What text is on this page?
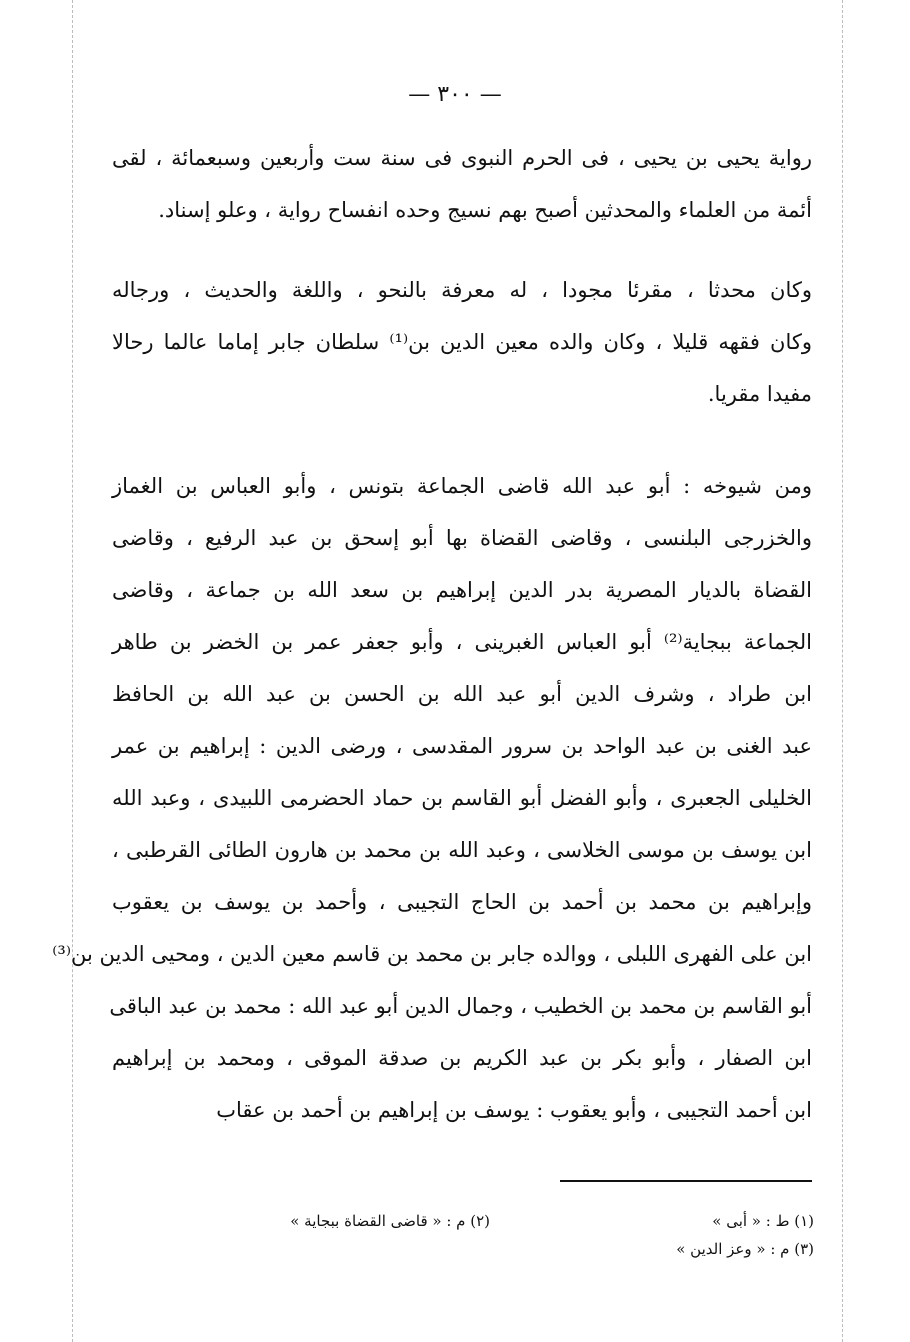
— ٣٠٠ —
رواية يحيى بن يحيى ، فى الحرم النبوى فى سنة ست وأربعين وسبعمائة ، لقى
أئمة من العلماء والمحدثين أصبح بهم نسيج وحده انفساح رواية ، وعلو إسناد.
وكان محدثا ، مقرئا مجودا ، له معرفة بالنحو ، واللغة والحديث ، ورجاله
وكان فقهه قليلا ، وكان والده معين الدين بن⁽¹⁾ سلطان جابر إماما عالما رحالا
مفيدا مقريا.
ومن شيوخه : أبو عبد الله قاضى الجماعة بتونس ، وأبو العباس بن الغماز
والخزرجى البلنسى ، وقاضى القضاة بها أبو إسحق بن عبد الرفيع ، وقاضى
القضاة بالديار المصرية بدر الدين إبراهيم بن سعد الله بن جماعة ، وقاضى
الجماعة ببجاية⁽²⁾ أبو العباس الغبرينى ، وأبو جعفر عمر بن الخضر بن طاهر
ابن طراد ، وشرف الدين أبو عبد الله بن الحسن بن عبد الله بن الحافظ
عبد الغنى بن عبد الواحد بن سرور المقدسى ، ورضى الدين : إبراهيم بن عمر
الخليلى الجعبرى ، وأبو الفضل أبو القاسم بن حماد الحضرمى اللبيدى ، وعبد الله
ابن يوسف بن موسى الخلاسى ، وعبد الله بن محمد بن هارون الطائى القرطبى ،
وإبراهيم بن محمد بن أحمد بن الحاج التجيبى ، وأحمد بن يوسف بن يعقوب
ابن على الفهرى اللبلى ، ووالده جابر بن محمد بن قاسم معين الدين ، ومحيى الدين بن⁽³⁾
أبو القاسم بن محمد بن الخطيب ، وجمال الدين أبو عبد الله : محمد بن عبد الباقى
ابن الصفار ، وأبو بكر بن عبد الكريم بن صدقة الموقى ، ومحمد بن إبراهيم
ابن أحمد التجيبى ، وأبو يعقوب : يوسف بن إبراهيم بن أحمد بن عقاب
(١) ط : « أبى »
(٢) م : « قاضى القضاة ببجاية »
(٣) م : « وعز الدين »
